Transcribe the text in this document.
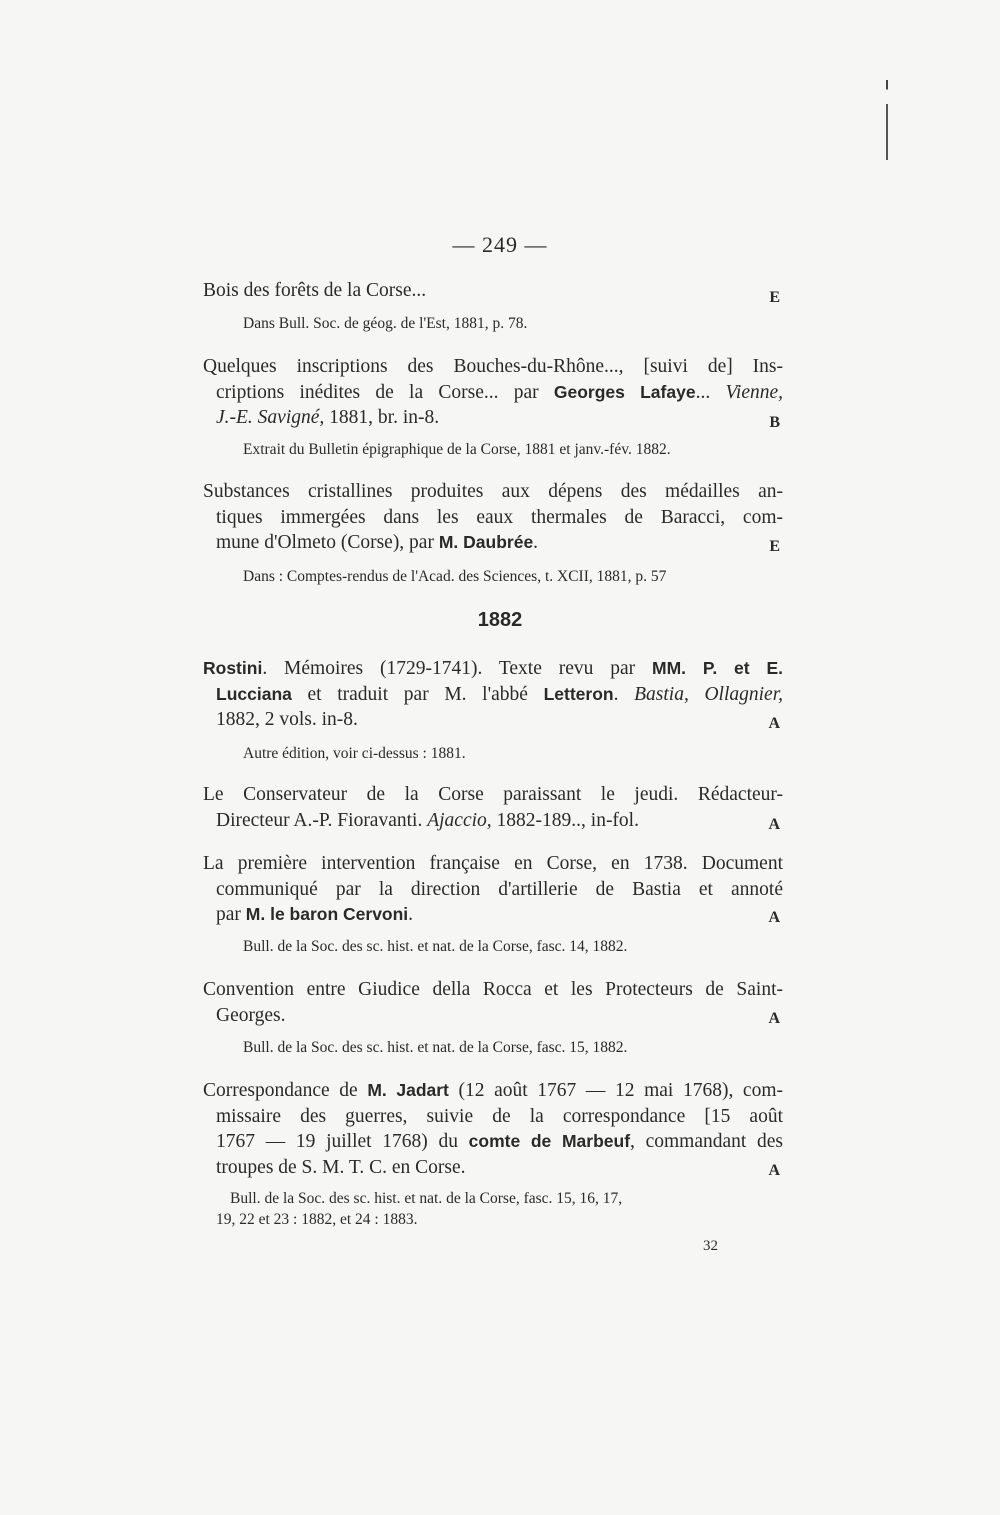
— 249 —
Bois des forêts de la Corse...	E
Dans Bull. Soc. de géog. de l'Est, 1881, p. 78.
Quelques inscriptions des Bouches-du-Rhône..., [suivi de] Ins-
criptions inédites de la Corse... par Georges Lafaye... Vienne,
J.-E. Savigné, 1881, br. in-8.	B
Extrait du Bulletin épigraphique de la Corse, 1881 et janv.-fév. 1882.
Substances cristallines produites aux dépens des médailles an-
tiques immergées dans les eaux thermales de Baracci, com-
mune d'Olmeto (Corse), par M. Daubrée.	E
Dans : Comptes-rendus de l'Acad. des Sciences, t. XCII, 1881, p. 57
1882
Rostini. Mémoires (1729-1741). Texte revu par MM. P. et E.
Lucciana et traduit par M. l'abbé Letteron. Bastia, Ollagnier,
1882, 2 vols. in-8.	A
Autre édition, voir ci-dessus : 1881.
Le Conservateur de la Corse paraissant le jeudi. Rédacteur-
Directeur A.-P. Fioravanti. Ajaccio, 1882-189.., in-fol.	A
La première intervention française en Corse, en 1738. Document
communiqué par la direction d'artillerie de Bastia et annoté
par M. le baron Cervoni.	A
Bull. de la Soc. des sc. hist. et nat. de la Corse, fasc. 14, 1882.
Convention entre Giudice della Rocca et les Protecteurs de Saint-
Georges.	A
Bull. de la Soc. des sc. hist. et nat. de la Corse, fasc. 15, 1882.
Correspondance de M. Jadart (12 août 1767 — 12 mai 1768), com-
missaire des guerres, suivie de la correspondance [15 août
1767 — 19 juillet 1768) du comte de Marbeuf, commandant des
troupes de S. M. T. C. en Corse.	A
Bull. de la Soc. des sc. hist. et nat. de la Corse, fasc. 15, 16, 17,
19, 22 et 23 : 1882, et 24 : 1883.
32
